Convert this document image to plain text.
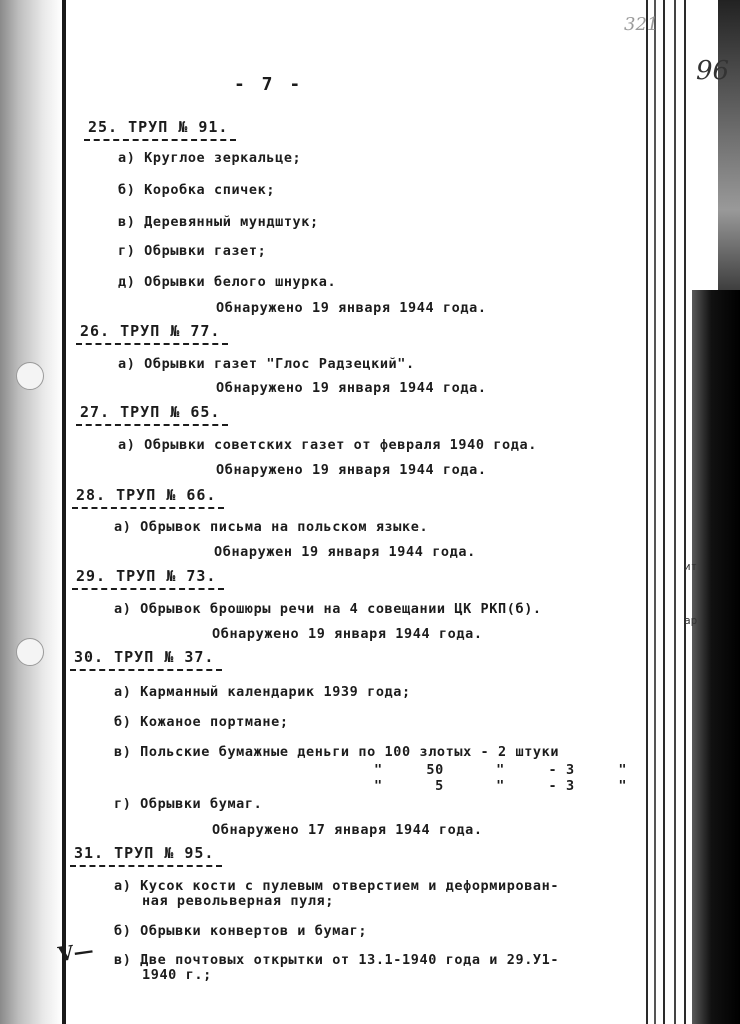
321
96
ит
ар
- 7 -
25. ТРУП № 91.
а) Круглое зеркальце;
б) Коробка спичек;
в) Деревянный мундштук;
г) Обрывки газет;
д) Обрывки белого шнурка.
Обнаружено 19 января 1944 года.
26. ТРУП № 77.
а) Обрывки газет "Глос Радзецкий".
Обнаружено 19 января 1944 года.
27. ТРУП № 65.
а) Обрывки советских газет от февраля 1940 года.
Обнаружено 19 января 1944 года.
28. ТРУП № 66.
а) Обрывок письма на польском языке.
Обнаружен 19 января 1944 года.
29. ТРУП № 73.
а) Обрывок брошюры речи на 4 совещании ЦК РКП(б).
Обнаружено 19 января 1944 года.
30. ТРУП № 37.
а) Карманный календарик 1939 года;
б) Кожаное портмане;
в) Польские бумажные деньги по 100 злотых - 2 штуки
"     50      "     - 3     "
"      5      "     - 3     "
г) Обрывки бумаг.
Обнаружено 17 января 1944 года.
31. ТРУП № 95.
а) Кусок кости с пулевым отверстием и деформирован-
ная револьверная пуля;
б) Обрывки конвертов и бумаг;
в) Две почтовых открытки от 13.1-1940 года и 29.У1-
1940 г.;
V—
